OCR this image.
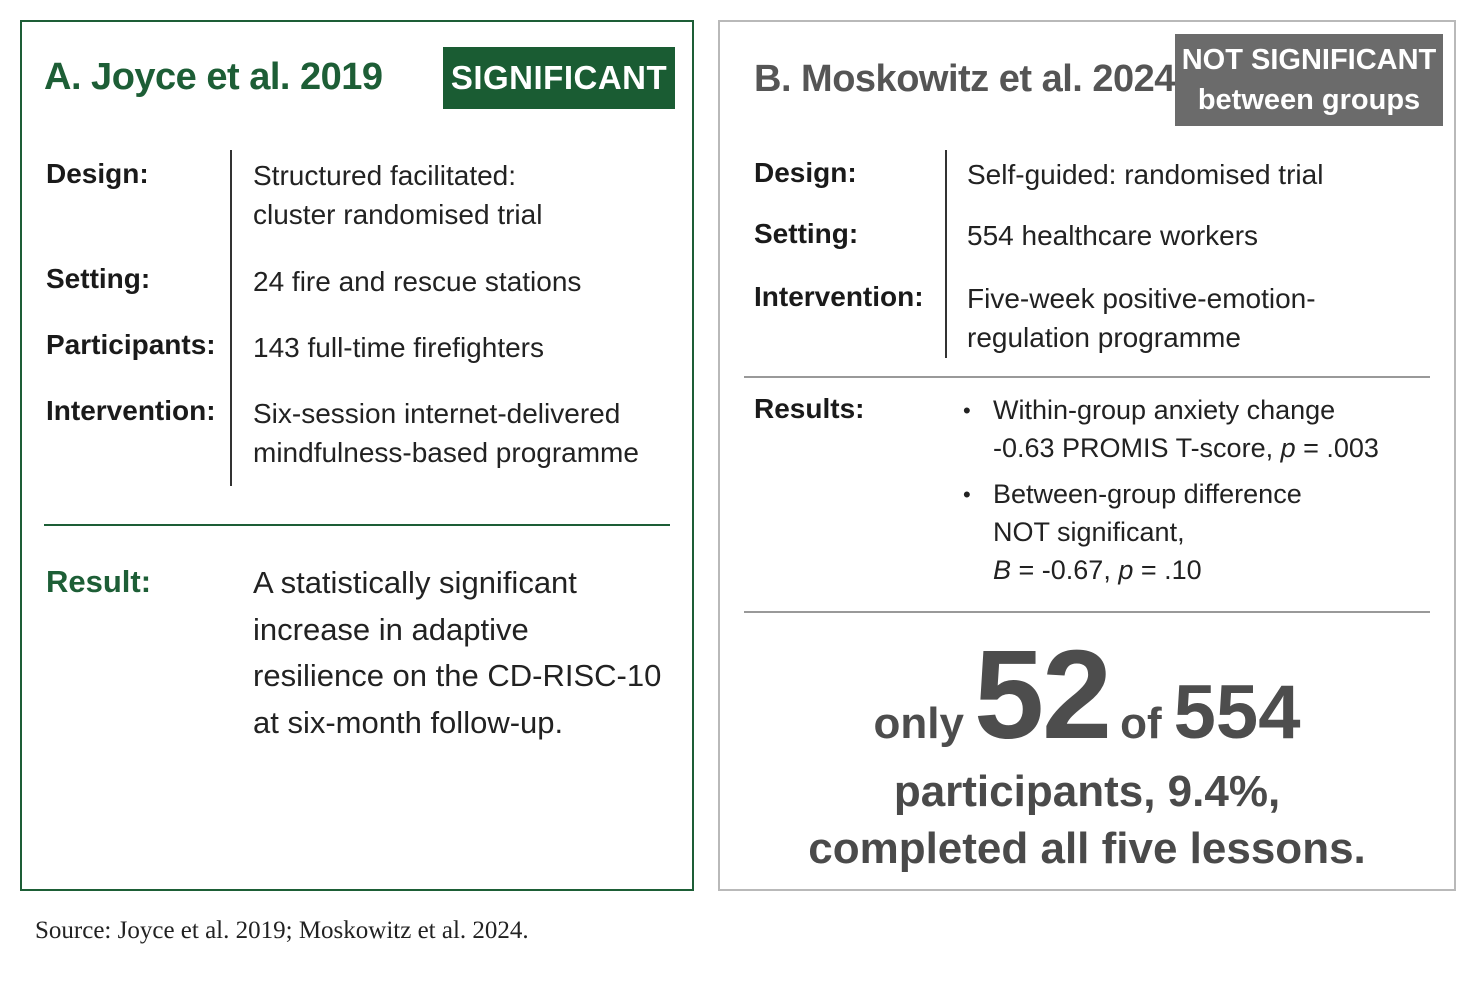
A. Joyce et al. 2019 SIGNIFICANT
Design:	Structured facilitated:
cluster randomised trial
Setting:	24 fire and rescue stations
Participants: 143 full-time firefighters
Intervention: Six-session internet-delivered
mindfulness-based programme
Result:	A statistically significant
increase in adaptive
resilience on the CD-RISC-10
at six-month follow-up.
B. Moskowitz et al. 2024 NOT SIGNIFICANT
between groups
Design:	Self-guided: randomised trial
Setting:	554 healthcare workers
Intervention: Five-week positive-emotion-
regulation programme
Results:	• Within-group anxiety change
-0.63 PROMIS T-score, p = .003
• Between-group difference
NOT significant,
B = -0.67, p = .10
only52 of 554
participants, 9.4%,
completed all five lessons.
Source: Joyce et al. 2019; Moskowitz et al. 2024.
